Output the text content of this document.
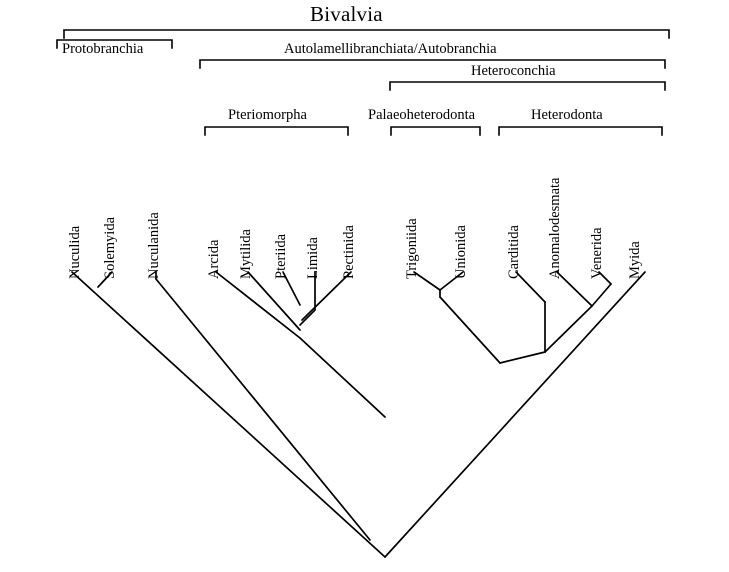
Bivalvia
Protobranchia	Autolamellibranchiata/Autobranchia
Heteroconchia
Pteriomorpha	Palaeoheterodonta	Heterodonta
Nuculida Solemyida Nuculanida	Arcida Mytilida Pteriida Limida Pectinida	Trigoniida Unionida	Carditida Anomalodesmata Venerida Myida
